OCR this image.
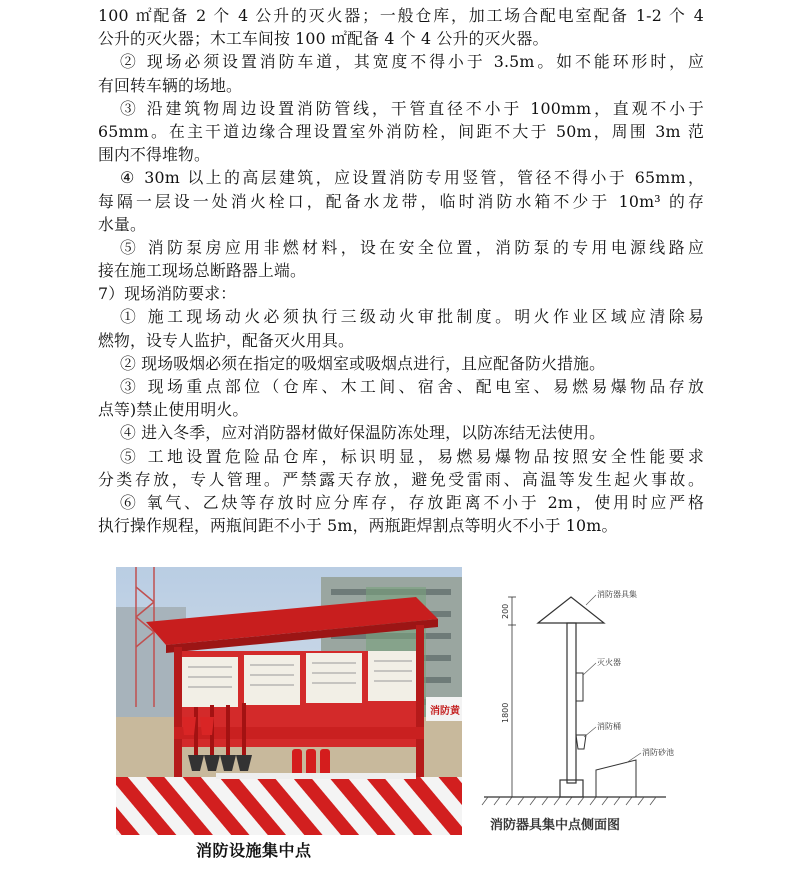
100 ㎡配备 2 个 4 公升的灭火器；一般仓库，加工场合配电室配备 1-2 个 4
公升的灭火器；木工车间按 100 ㎡配备 4 个 4 公升的灭火器。
② 现场必须设置消防车道，其宽度不得小于 3.5m。如不能环形时，应
有回转车辆的场地。
③ 沿建筑物周边设置消防管线，干管直径不小于 100mm，直观不小于
65mm。在主干道边缘合理设置室外消防栓，间距不大于 50m，周围 3m 范
围内不得堆物。
④ 30m 以上的高层建筑，应设置消防专用竖管，管径不得小于 65mm，
每隔一层设一处消火栓口，配备水龙带，临时消防水箱不少于 10m³ 的存
水量。
⑤ 消防泵房应用非燃材料，设在安全位置，消防泵的专用电源线路应
接在施工现场总断路器上端。
7）现场消防要求：
① 施工现场动火必须执行三级动火审批制度。明火作业区域应清除易
燃物，设专人监护，配备灭火用具。
② 现场吸烟必须在指定的吸烟室或吸烟点进行，且应配备防火措施。
③ 现场重点部位（仓库、木工间、宿舍、配电室、易燃易爆物品存放
点等)禁止使用明火。
④ 进入冬季，应对消防器材做好保温防冻处理，以防冻结无法使用。
⑤ 工地设置危险品仓库，标识明显，易燃易爆物品按照安全性能要求
分类存放，专人管理。严禁露天存放，避免受雷雨、高温等发生起火事故。
⑥ 氧气、乙炔等存放时应分库存，存放距离不小于 2m，使用时应严格
执行操作规程，两瓶间距不小于 5m，两瓶距焊割点等明火不小于 10m。
消防黄
消防设施集中点
200
1800
消防器具集
灭火器
消防桶
消防砂池
消防器具集中点侧面图
